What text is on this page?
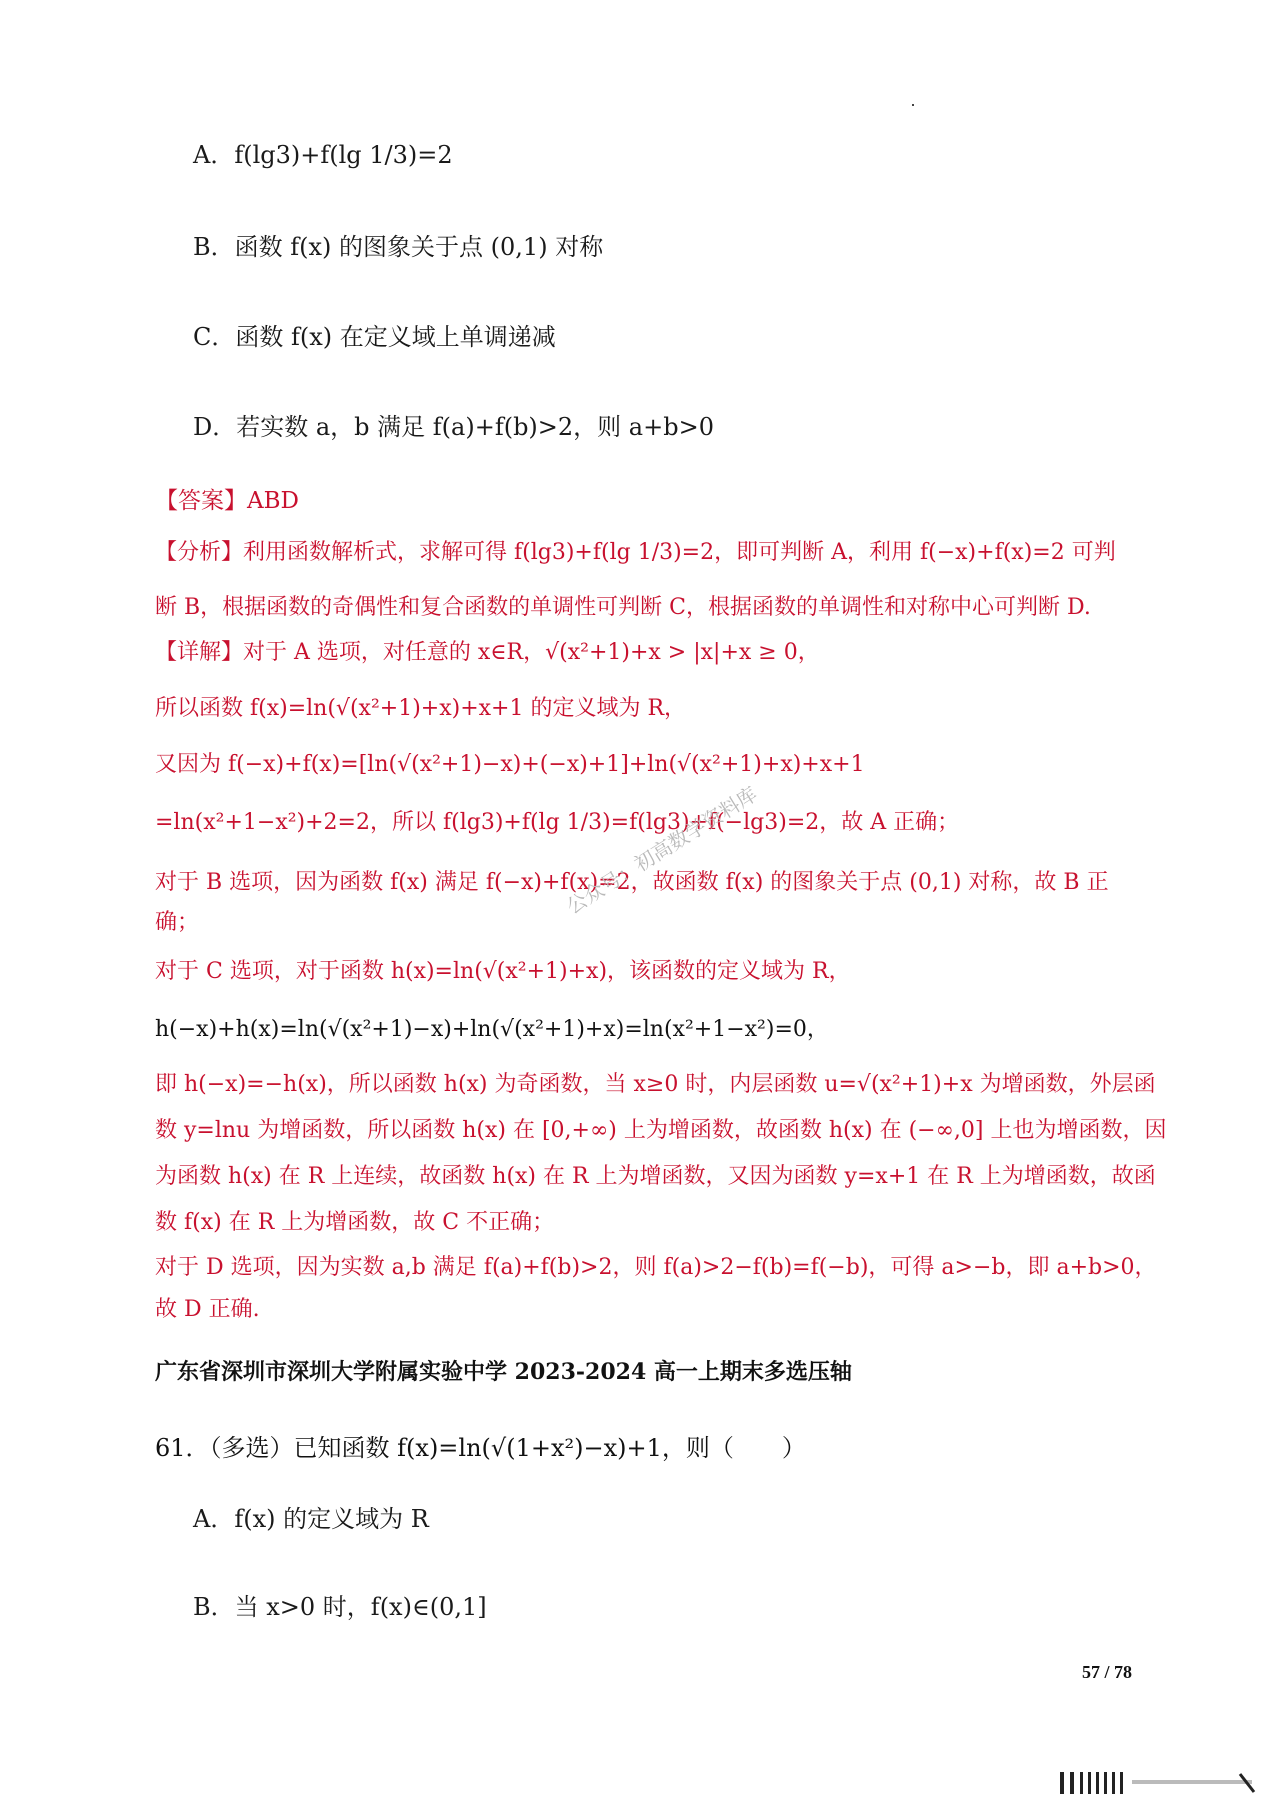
A．f(lg3)+f(lg 1/3)=2
B．函数 f(x) 的图象关于点 (0,1) 对称
C．函数 f(x) 在定义域上单调递减
D．若实数 a，b 满足 f(a)+f(b)>2，则 a+b>0
【答案】ABD
【分析】利用函数解析式，求解可得 f(lg3)+f(lg 1/3)=2，即可判断 A，利用 f(−x)+f(x)=2 可判
断 B，根据函数的奇偶性和复合函数的单调性可判断 C，根据函数的单调性和对称中心可判断 D.
【详解】对于 A 选项，对任意的 x∈R，√(x²+1)+x > |x|+x ≥ 0，
所以函数 f(x)=ln(√(x²+1)+x)+x+1 的定义域为 R，
又因为 f(−x)+f(x)=[ln(√(x²+1)−x)+(−x)+1]+ln(√(x²+1)+x)+x+1
=ln(x²+1−x²)+2=2，所以 f(lg3)+f(lg 1/3)=f(lg3)+f(−lg3)=2，故 A 正确；
对于 B 选项，因为函数 f(x) 满足 f(−x)+f(x)=2，故函数 f(x) 的图象关于点 (0,1) 对称，故 B 正
确；
对于 C 选项，对于函数 h(x)=ln(√(x²+1)+x)，该函数的定义域为 R，
h(−x)+h(x)=ln(√(x²+1)−x)+ln(√(x²+1)+x)=ln(x²+1−x²)=0，
即 h(−x)=−h(x)，所以函数 h(x) 为奇函数，当 x≥0 时，内层函数 u=√(x²+1)+x 为增函数，外层函
数 y=lnu 为增函数，所以函数 h(x) 在 [0,+∞) 上为增函数，故函数 h(x) 在 (−∞,0] 上也为增函数，因
为函数 h(x) 在 R 上连续，故函数 h(x) 在 R 上为增函数，又因为函数 y=x+1 在 R 上为增函数，故函
数 f(x) 在 R 上为增函数，故 C 不正确；
对于 D 选项，因为实数 a,b 满足 f(a)+f(b)>2，则 f(a)>2−f(b)=f(−b)，可得 a>−b，即 a+b>0，
故 D 正确.
广东省深圳市深圳大学附属实验中学 2023-2024 高一上期末多选压轴
61．（多选）已知函数 f(x)=ln(√(1+x²)−x)+1，则（　　）
A．f(x) 的定义域为 R
B．当 x>0 时，f(x)∈(0,1]
公众号：初高数学资料库
57 / 78
